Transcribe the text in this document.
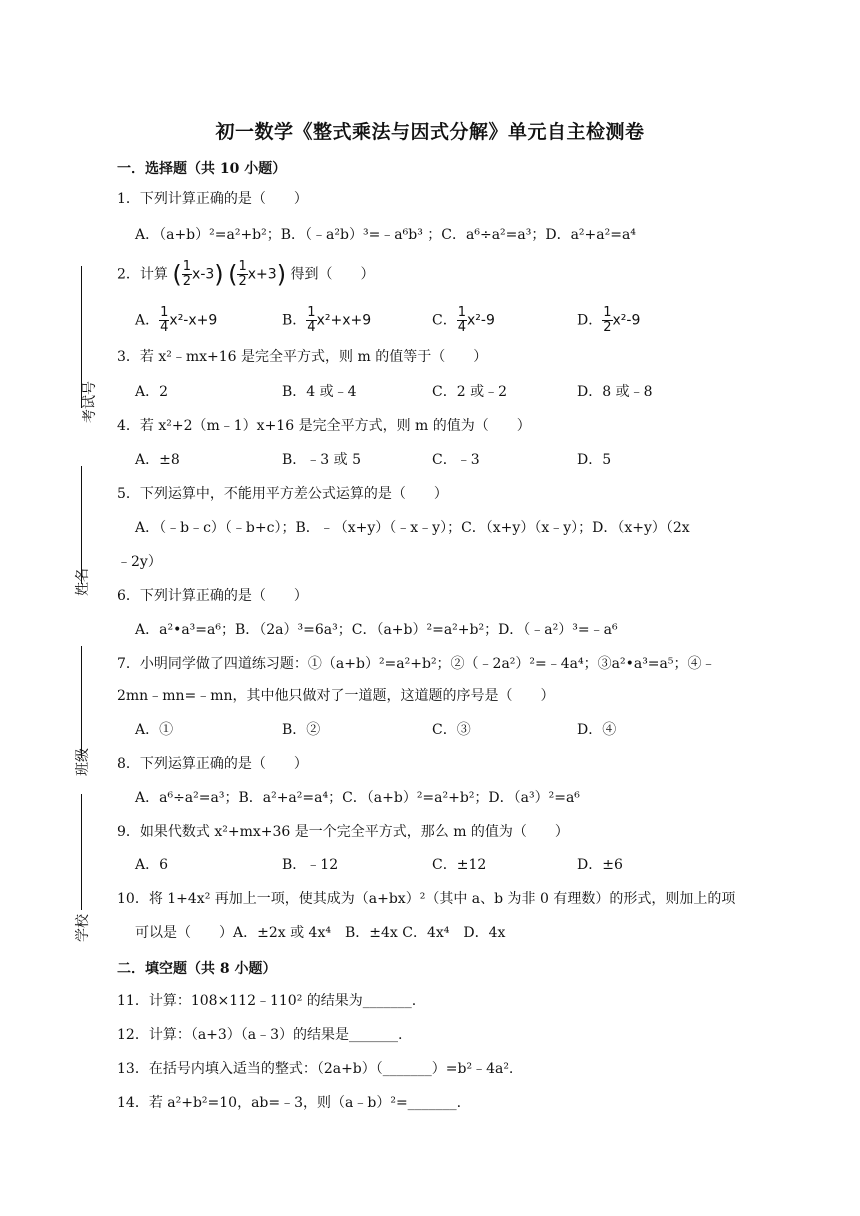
考试号
姓名
班级
学校
初一数学《整式乘法与因式分解》单元自主检测卷
一．选择题（共 10 小题）
1．下列计算正确的是（　　）
A．（a+b）²=a²+b²；B．（﹣a²b）³=﹣a⁶b³ ；C．a⁶÷a²=a³；D．a²+a²=a⁴
2．计算 ( $\frac{1}{2} x-3$) ( $\frac{1}{2} x+3$) 得到（　　）
A． $\frac{1}{4} x^2-x+9$	B． $\frac{1}{4} x^2+x+9$	C． $\frac{1}{4} x^2-9$	D． $\frac{1}{2} x^2-9$
3．若 x²﹣mx+16 是完全平方式，则 m 的值等于（　　）
A．2	B．4 或﹣4	C．2 或﹣2	D．8 或﹣8
4．若 x²+2（m﹣1）x+16 是完全平方式，则 m 的值为（　　）
A．±8	B．﹣3 或 5	C．﹣3	D．5
5．下列运算中，不能用平方差公式运算的是（　　）
A．（﹣b﹣c）（﹣b+c）；B．﹣（x+y）（﹣x﹣y）；C．（x+y）（x﹣y）；D．（x+y）（2x
﹣2y）
6．下列计算正确的是（　　）
A．a²•a³=a⁶；B．（2a）³=6a³；C．（a+b）²=a²+b²；D．（﹣a²）³=﹣a⁶
7．小明同学做了四道练习题：①（a+b）²=a²+b²；②（﹣2a²）²=﹣4a⁴；③a²•a³=a⁵；④﹣
2mn﹣mn=﹣mn，其中他只做对了一道题，这道题的序号是（　　）
A．①	B．②	C．③	D．④
8．下列运算正确的是（　　）
A．a⁶÷a²=a³；B．a²+a²=a⁴；C．（a+b）²=a²+b²；D．（a³）²=a⁶
9．如果代数式 x²+mx+36 是一个完全平方式，那么 m 的值为（　　）
A．6	B．﹣12	C．±12	D．±6
10．将 1+4x² 再加上一项，使其成为（a+bx）²（其中 a、b 为非 0 有理数）的形式，则加上的项
可以是（　　）A．±2x 或 4x⁴　B．±4x C．4x⁴　D．4x
二．填空题（共 8 小题）
11．计算：108×112﹣110² 的结果为_______.
12．计算：（a+3）（a﹣3）的结果是_______.
13．在括号内填入适当的整式：（2a+b）（_______）=b²﹣4a².
14．若 a²+b²=10，ab=﹣3，则（a﹣b）²=_______.
